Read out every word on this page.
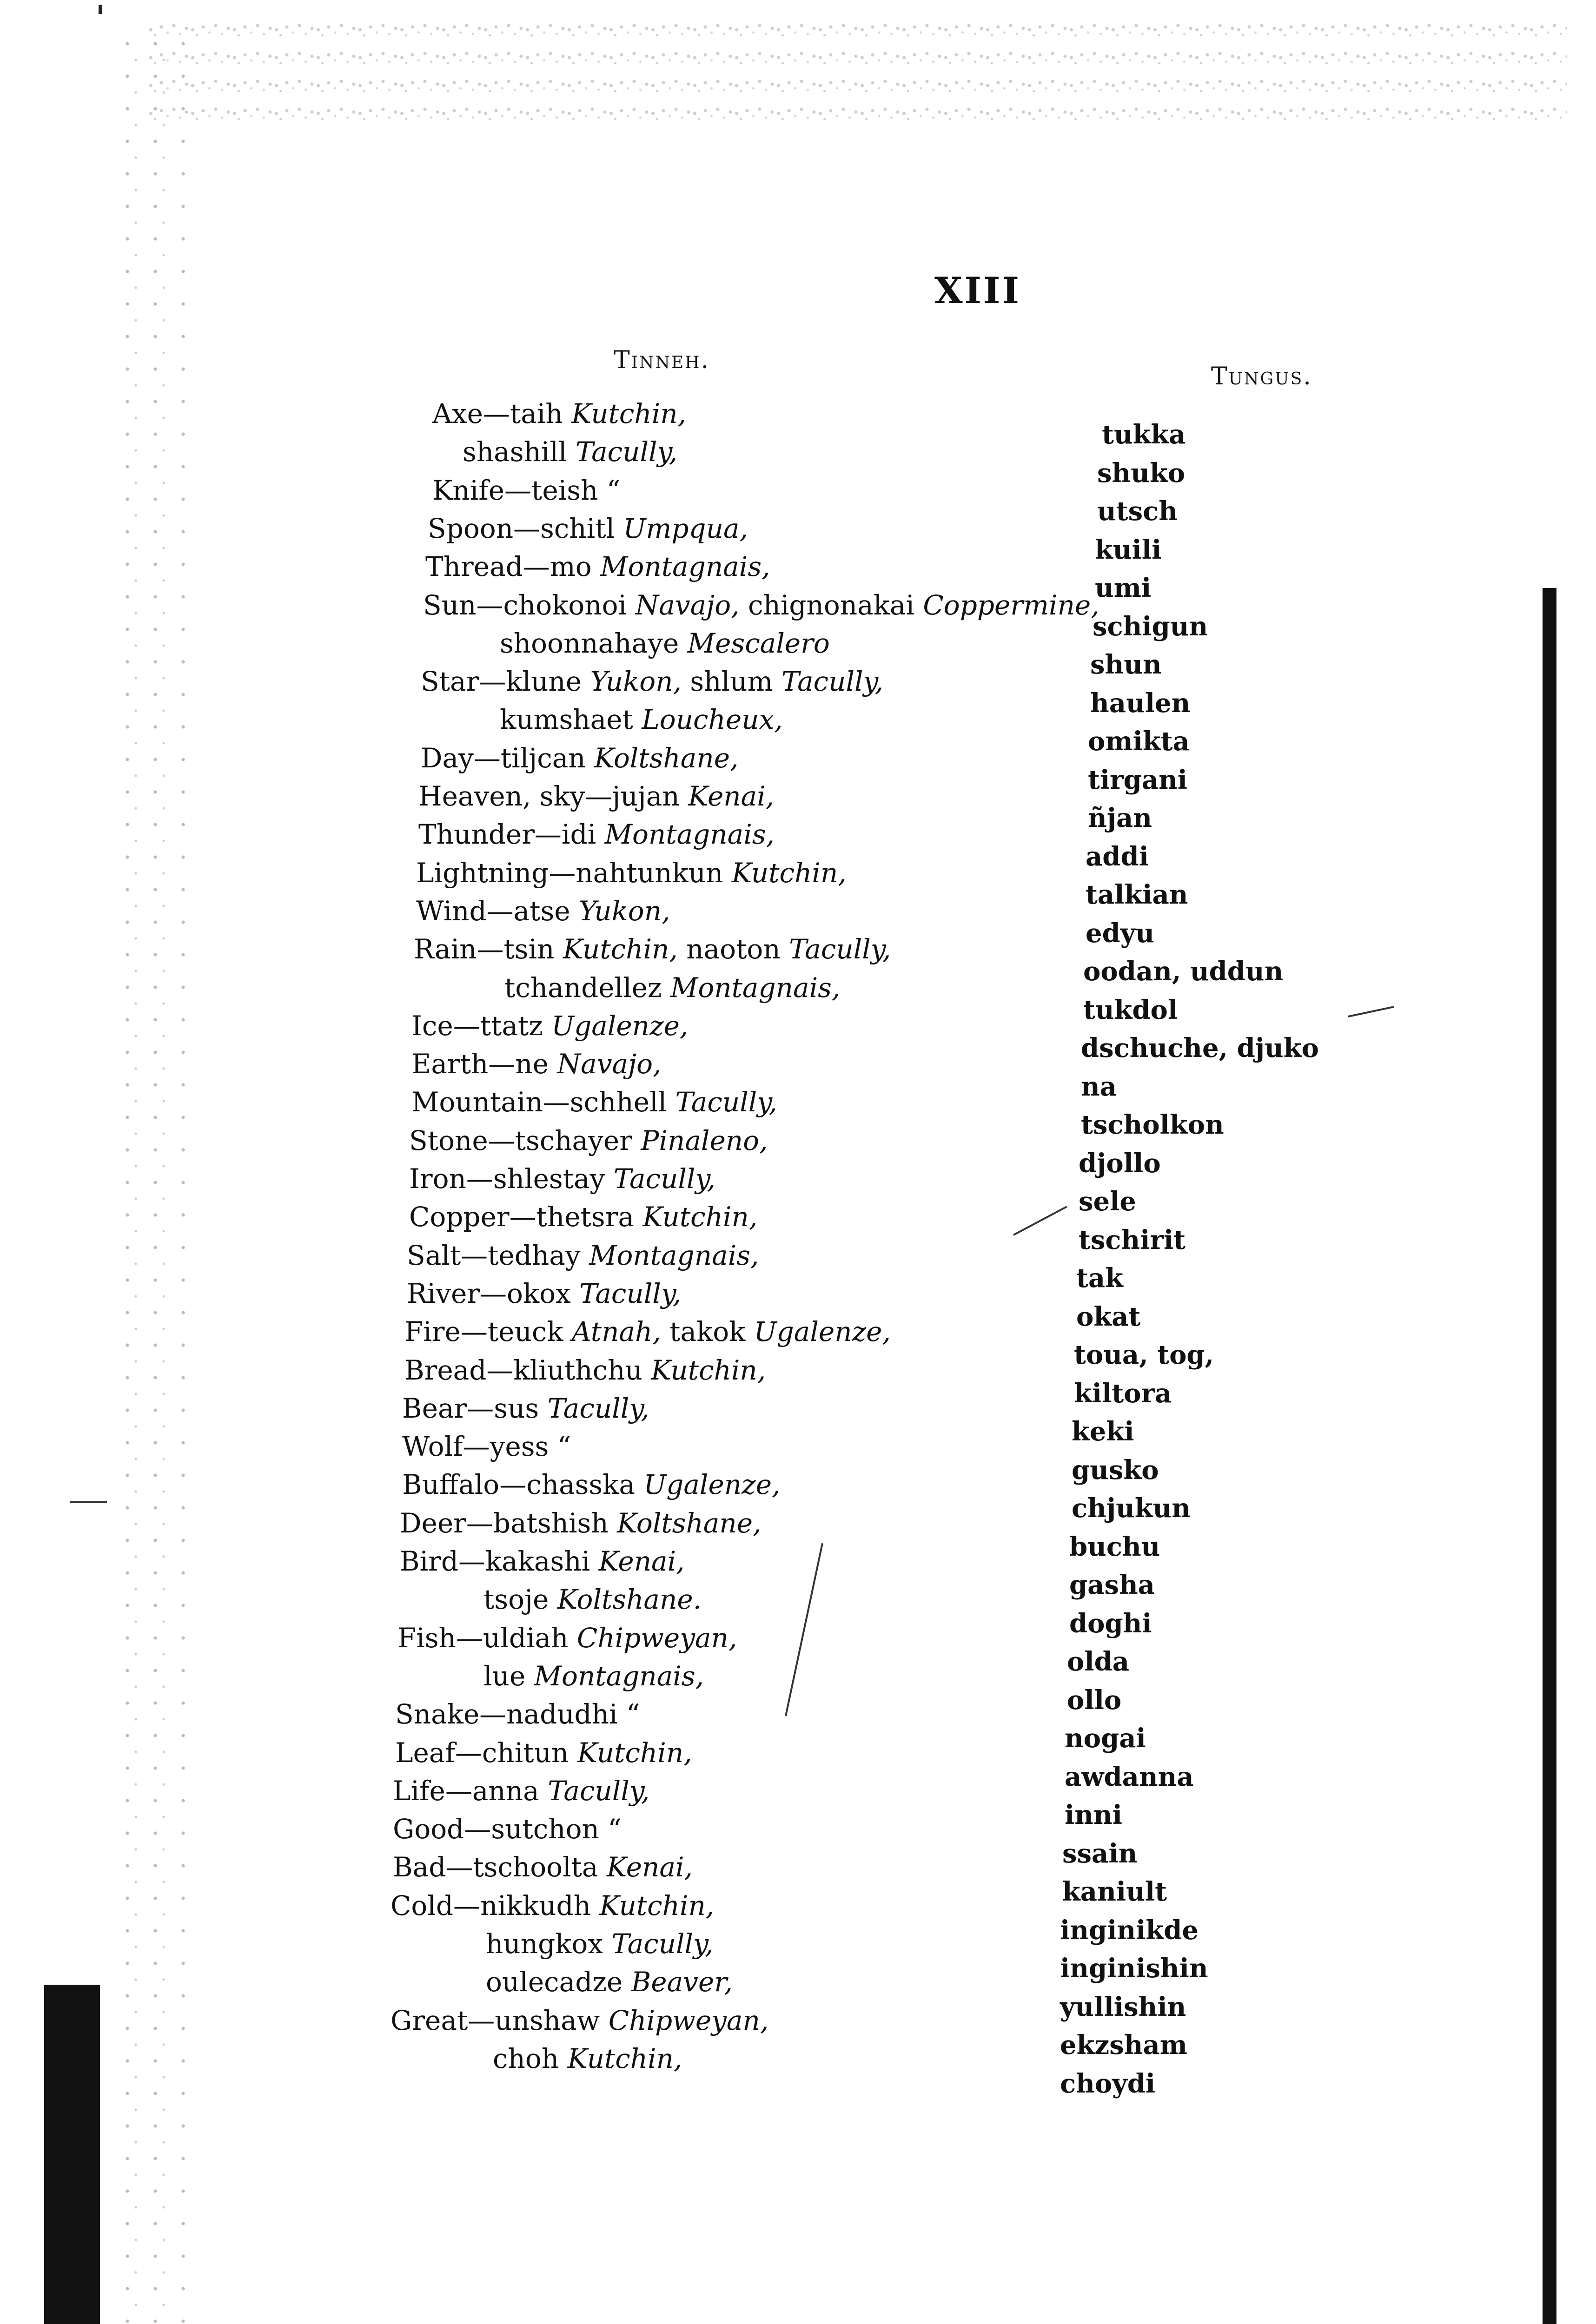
XIII
Tinneh.
Tungus.
Axe—taih Kutchin,
shashill Tacully,
Knife—teish “
Spoon—schitl Umpqua,
Thread—mo Montagnais,
Sun—chokonoi Navajo, chignonakai Coppermine,
shoonnahaye Mescalero
Star—klune Yukon, shlum Tacully,
kumshaet Loucheux,
Day—tiljcan Koltshane,
Heaven, sky—jujan Kenai,
Thunder—idi Montagnais,
Lightning—nahtunkun Kutchin,
Wind—atse Yukon,
Rain—tsin Kutchin, naoton Tacully,
tchandellez Montagnais,
Ice—ttatz Ugalenze,
Earth—ne Navajo,
Mountain—schhell Tacully,
Stone—tschayer Pinaleno,
Iron—shlestay Tacully,
Copper—thetsra Kutchin,
Salt—tedhay Montagnais,
River—okox Tacully,
Fire—teuck Atnah, takok Ugalenze,
Bread—kliuthchu Kutchin,
Bear—sus Tacully,
Wolf—yess “
Buffalo—chasska Ugalenze,
Deer—batshish Koltshane,
Bird—kakashi Kenai,
tsoje Koltshane.
Fish—uldiah Chipweyan,
lue Montagnais,
Snake—nadudhi “
Leaf—chitun Kutchin,
Life—anna Tacully,
Good—sutchon “
Bad—tschoolta Kenai,
Cold—nikkudh Kutchin,
hungkox Tacully,
oulecadze Beaver,
Great—unshaw Chipweyan,
choh Kutchin,
tukka
shuko
utsch
kuili
umi
schigun
shun
haulen
omikta
tirgani
ñjan
addi
talkian
edyu
oodan, uddun
tukdol
dschuche, djuko
na
tscholkon
djollo
sele
tschirit
tak
okat
toua, tog,
kiltora
keki
gusko
chjukun
buchu
gasha
doghi
olda
ollo
nogai
awdanna
inni
ssain
kaniult
inginikde
inginishin
yullishin
ekzsham
choydi
